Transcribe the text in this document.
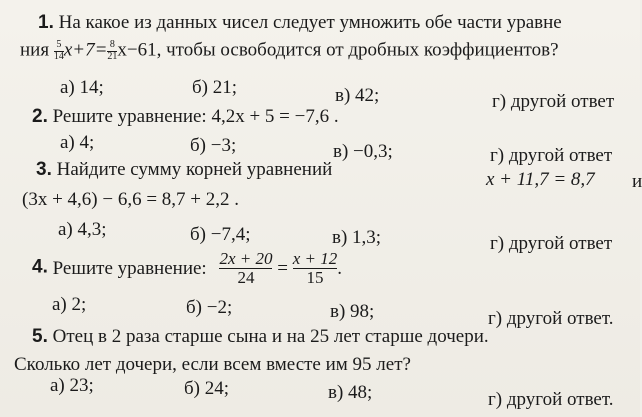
1. На какое из данных чисел следует умножить обе части уравне
ния $\frac{5}{14} x+7= \frac{8}{21} x-61$, чтобы освободится от дробных коэффициентов?
а) 14;	б) 21;	в) 42;	г) другой ответ
2. Решите уравнение: 4,2x + 5 = −7,6 .
а) 4;	б) −3;	в) −0,3;	г) другой ответ
3. Найдите сумму корней уравнений	x + 11,7 = 8,7 и
(3x + 4,6) − 6,6 = 8,7 + 2,2 .
а) 4,3;	б) −7,4;	в) 1,3;	г) другой ответ
4. Решите уравнение: $\frac{2x + 20}{24} = \frac{x + 12}{15}$ .
а) 2;	б) −2;	в) 98;	г) другой ответ.
5. Отец в 2 раза старше сына и на 25 лет старше дочери.
Сколько лет дочери, если всем вместе им 95 лет?
а) 23;	б) 24;	в) 48;	г) другой ответ.
